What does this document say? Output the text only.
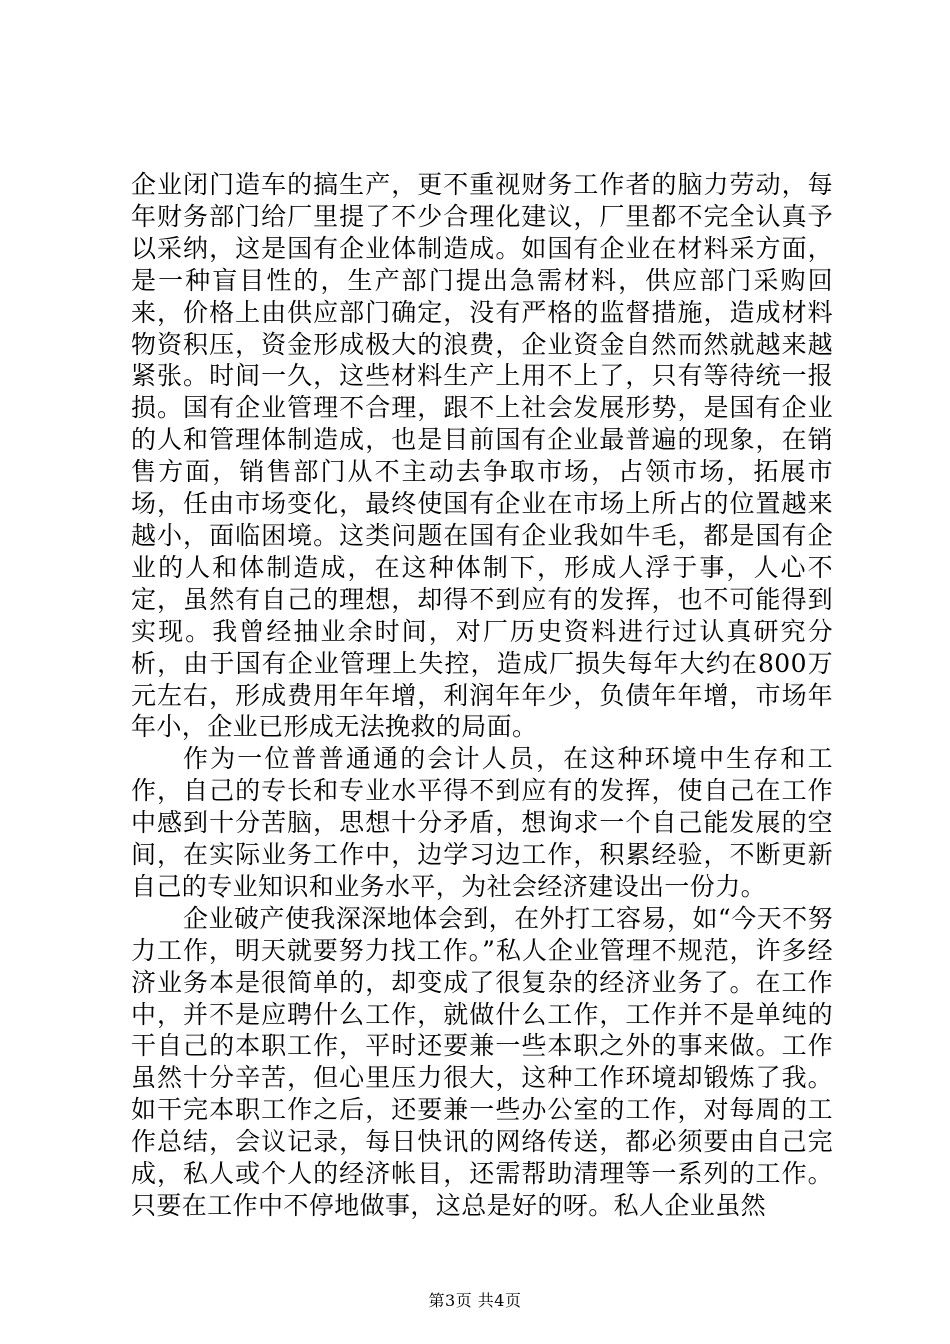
企业闭门造车的搞生产，更不重视财务工作者的脑力劳动，每年财务部门给厂里提了不少合理化建议，厂里都不完全认真予以采纳，这是国有企业体制造成。如国有企业在材料采方面，是一种盲目性的，生产部门提出急需材料，供应部门采购回来，价格上由供应部门确定，没有严格的监督措施，造成材料物资积压，资金形成极大的浪费，企业资金自然而然就越来越紧张。时间一久，这些材料生产上用不上了，只有等待统一报损。国有企业管理不合理，跟不上社会发展形势，是国有企业的人和管理体制造成，也是目前国有企业最普遍的现象，在销售方面，销售部门从不主动去争取市场，占领市场，拓展市场，任由市场变化，最终使国有企业在市场上所占的位置越来越小，面临困境。这类问题在国有企业我如牛毛，都是国有企业的人和体制造成，在这种体制下，形成人浮于事，人心不定，虽然有自己的理想，却得不到应有的发挥，也不可能得到实现。我曾经抽业余时间，对厂历史资料进行过认真研究分析，由于国有企业管理上失控，造成厂损失每年大约在800万元左右，形成费用年年增，利润年年少，负债年年增，市场年年小，企业已形成无法挽救的局面。

作为一位普普通通的会计人员，在这种环境中生存和工作，自己的专长和专业水平得不到应有的发挥，使自己在工作中感到十分苦脑，思想十分矛盾，想询求一个自己能发展的空间，在实际业务工作中，边学习边工作，积累经验，不断更新自己的专业知识和业务水平，为社会经济建设出一份力。

企业破产使我深深地体会到，在外打工容易，如“今天不努力工作，明天就要努力找工作。”私人企业管理不规范，许多经济业务本是很简单的，却变成了很复杂的经济业务了。在工作中，并不是应聘什么工作，就做什么工作，工作并不是单纯的干自己的本职工作，平时还要兼一些本职之外的事来做。工作虽然十分辛苦，但心里压力很大，这种工作环境却锻炼了我。如干完本职工作之后，还要兼一些办公室的工作，对每周的工作总结，会议记录，每日快讯的网络传送，都必须要由自己完成，私人或个人的经济帐目，还需帮助清理等一系列的工作。只要在工作中不停地做事，这总是好的呀。私人企业虽然

第3页 共4页
